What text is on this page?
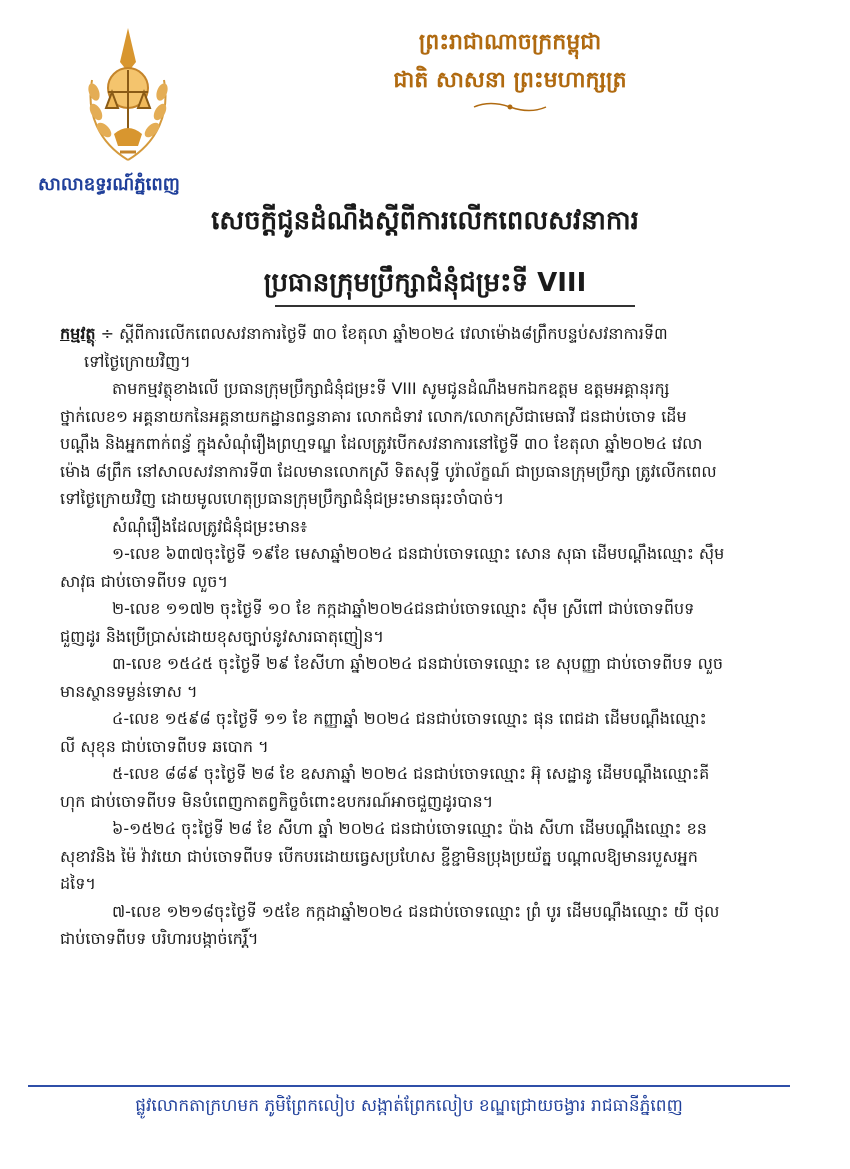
សាលាឧទ្ធរណ៍ភ្នំពេញ
ព្រះរាជាណាចក្រកម្ពុជា
ជាតិ សាសនា ព្រះមហាក្សត្រ
សេចក្តីជូនដំណឹងស្តីពីការលើកពេលសវនាការ
ប្រធានក្រុមប្រឹក្សាជំនុំជម្រះទី VIII

កម្មវត្ថុ ÷ ស្តីពីការលើកពេលសវនាការថ្ងៃទី ៣០ ខែតុលា ឆ្នាំ២០២៤ វេលាម៉ោង៨ព្រឹកបន្ទប់សវនាការទី៣

ទៅថ្ងៃក្រោយវិញ។

តាមកម្មវត្ថុខាងលើ ប្រធានក្រុមប្រឹក្សាជំនុំជម្រះទី VIII សូមជូនដំណឹងមកឯកឧត្តម ឧត្តមអគ្គានុរក្សថ្នាក់លេខ១ អគ្គនាយកនៃអគ្គនាយកដ្ឋានពន្ធនាគារ លោកជំទាវ លោក/លោកស្រីជាមេធាវី ជនជាប់ចោទ ដើមបណ្តឹង និងអ្នកពាក់ពន្ធ័ ក្នុងសំណុំរឿងព្រហ្មទណ្ឌ ដែលត្រូវបើកសវនាការនៅថ្ងៃទី ៣០ ខែតុលា ឆ្នាំ២០២៤ វេលាម៉ោង ៨ព្រឹក នៅសាលសវនាការទី៣ ដែលមានលោកស្រី ទិតសុទ្ធី បូរ៉ាល័ក្ខណ៍ ជាប្រធានក្រុមប្រឹក្សា ត្រូវលើកពេលទៅថ្ងៃក្រោយវិញ ដោយមូលហេតុប្រធានក្រុមប្រឹក្សាជំនុំជម្រះមានធុរះចាំបាច់។

សំណុំរឿងដែលត្រូវជំនុំជម្រះមាន៖

១-លេខ ៦៣៧ចុះថ្ងៃទី ១៩ខែ មេសាឆ្នាំ២០២៤ ជនជាប់ចោទឈ្មោះ សោន សុធា ដើមបណ្តឹងឈ្មោះ ស៊ឹម សាវុធ ជាប់ចោទពីបទ លួច។

២-លេខ ១១៧២ ចុះថ្ងៃទី ១០ ខែ កក្កដាឆ្នាំ២០២៤ជនជាប់ចោទឈ្មោះ ស៊ឹម ស្រីពៅ ជាប់ចោទពីបទ ជួញដូរ និងប្រើប្រាស់ដោយខុសច្បាប់នូវសារធាតុញៀន។

៣-លេខ ១៥៤៥ ចុះថ្ងៃទី ២៩ ខែសីហា ឆ្នាំ២០២៤ ជនជាប់ចោទឈ្មោះ ខេ សុបញ្ញា ជាប់ចោទពីបទ លួចមានស្ថានទម្ងន់ទោស ។

៤-លេខ ១៥៩៨ ចុះថ្ងៃទី ១១ ខែ កញ្ញាឆ្នាំ ២០២៤ ជនជាប់ចោទឈ្មោះ ផុន ពេជដា ដើមបណ្តឹងឈ្មោះ លី សុខុន ជាប់ចោទពីបទ ឆបោក ។

៥-លេខ ៨៨៩ ចុះថ្ងៃទី ២៨ ខែ ឧសភាឆ្នាំ ២០២៤ ជនជាប់ចោទឈ្មោះ អ៊ុ សេដ្ឋានូ ដើមបណ្តឹងឈ្មោះគី ហុក ជាប់ចោទពីបទ មិនបំពេញកាតព្វកិច្ចចំពោះឧបករណ៍អាចជួញដូរបាន។

៦-១៥២៤ ចុះថ្ងៃទី ២៨ ខែ សីហា ឆ្នាំ ២០២៤ ជនជាប់ចោទឈ្មោះ ប៉ាង សីហា ដើមបណ្តឹងឈ្មោះ ខន សុខាវនិង ម៉ៃ វ៉ាវយោ ជាប់ចោទពីបទ បើកបរដោយធ្វេសប្រហែស ខ្ជីខ្ជាមិនប្រុងប្រយ័ត្ន បណ្តាលឱ្យមានរបួសអ្នកដទៃ។

៧-លេខ ១២១៨ចុះថ្ងៃទី ១៥ខែ កក្កដាឆ្នាំ២០២៤ ជនជាប់ចោទឈ្មោះ ព្រំ បូរ ដើមបណ្តឹងឈ្មោះ យី ថុល ជាប់ចោទពីបទ បរិហារបង្កាច់កេរ្តិ៍។

ផ្លូវលោកតាក្រហមក ភូមិព្រែកលៀប សង្កាត់ព្រែកលៀប ខណ្ឌជ្រោយចង្វារ រាជធានីភ្នំពេញ
